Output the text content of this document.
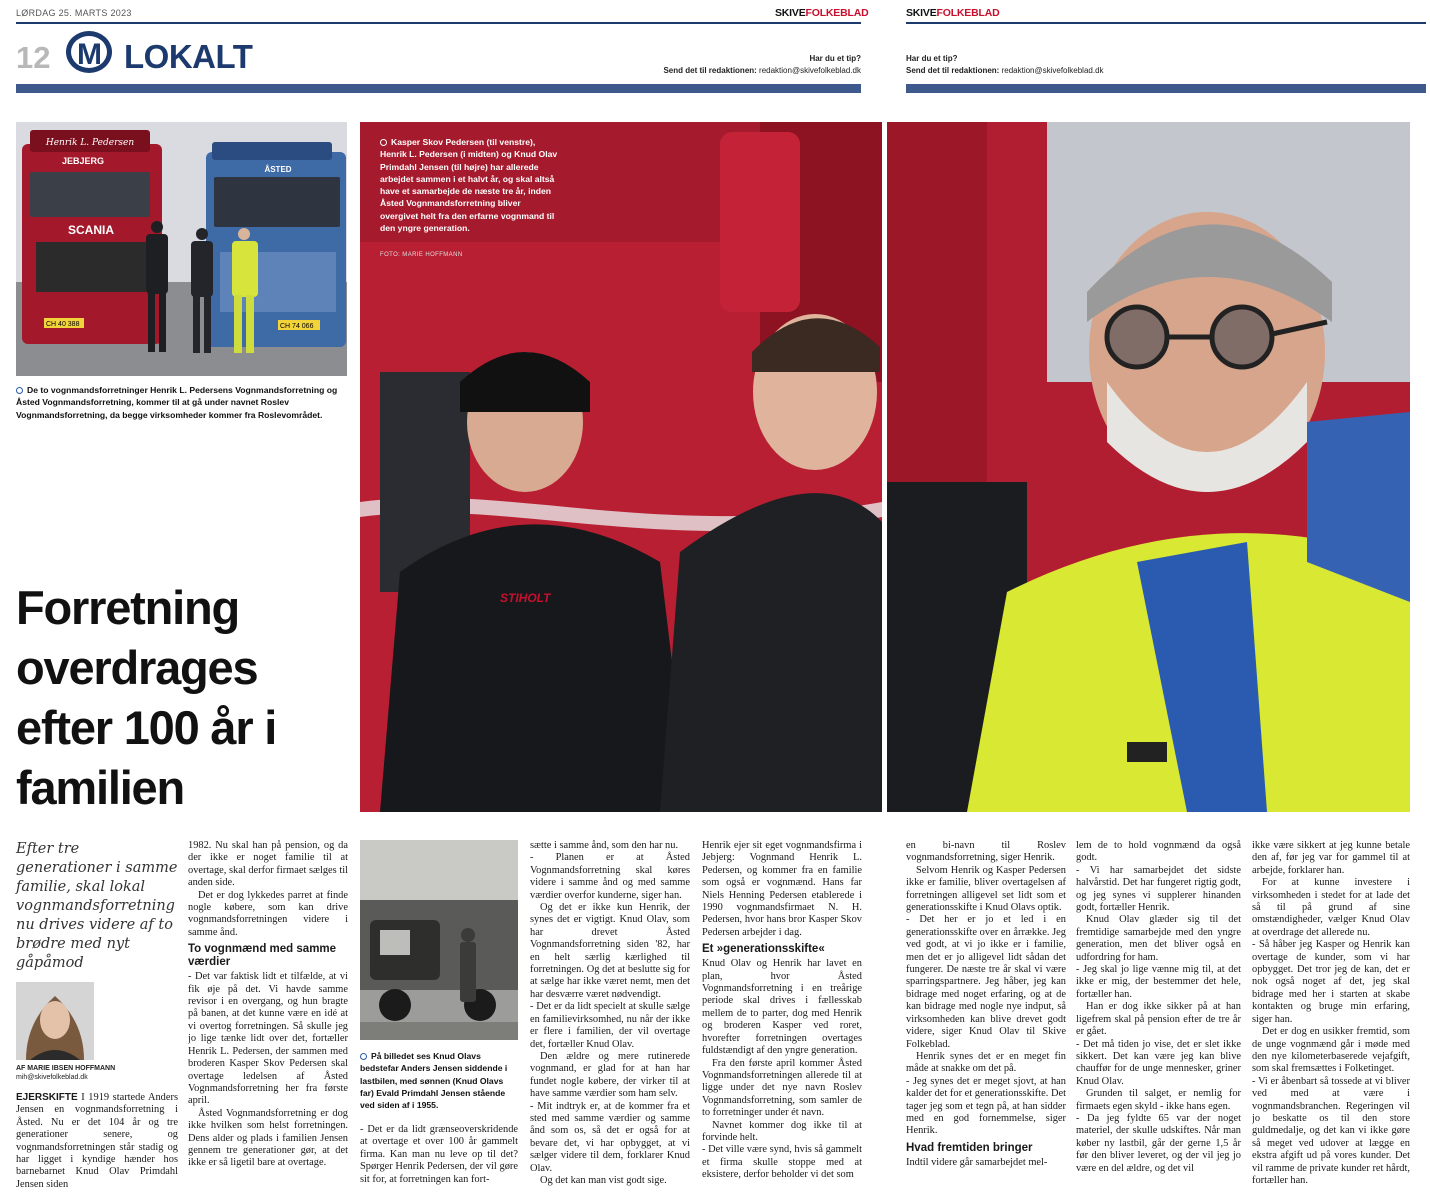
LØRDAG 25. MARTS 2023	SKIVEFOLKEBLAD
12 M LOKALT	Har du et tip?
Send det til redaktionen: redaktion@skivefolkeblad.dk
SKIVEFOLKEBLAD
Har du et tip?
Send det til redaktionen: redaktion@skivefolkeblad.dk
Henrik L. Pedersen
JEBJERG
SCANIA
CH 40 388
ÅSTED
CH 74 066
De to vognmandsforretninger Henrik L. Pedersens Vognmandsforretning og Åsted Vognmandsforretning, kommer til at gå under navnet Roslev Vognmandsforretning, da begge virksomheder kommer fra Roslevområdet.
STIHOLT
Kasper Skov Pedersen (til venstre), Henrik L. Pedersen (i midten) og Knud Olav Primdahl Jensen (til højre) har allerede arbejdet sammen i et halvt år, og skal altså have et samarbejde de næste tre år, inden Åsted Vognmandsforretning bliver overgivet helt fra den erfarne vognmand til den yngre generation.
FOTO: MARIE HOFFMANN
Forretning overdrages efter 100 år i familien
Efter tre generationer i samme familie, skal lokal vognmandsforretning nu drives videre af to brødre med nyt gåpåmod
AF MARIE IBSEN HOFFMANN
mih@skivefolkeblad.dk

EJERSKIFTE I 1919 startede Anders Jensen en vognmandsforretning i Åsted. Nu er det 104 år og tre generationer senere, og vognmandsforretningen står stadig og har ligget i kyndige hænder hos barnebarnet Knud Olav Primdahl Jensen siden

1982. Nu skal han på pension, og da der ikke er noget familie til at overtage, skal derfor firmaet sælges til anden side.

Det er dog lykkedes parret at finde nogle købere, som kan drive vognmandsforretningen videre i samme ånd.

To vognmænd med samme værdier

- Det var faktisk lidt et tilfælde, at vi fik øje på det. Vi havde samme revisor i en overgang, og hun bragte på banen, at det kunne være en idé at vi overtog forretningen. Så skulle jeg jo lige tænke lidt over det, fortæller Henrik L. Pedersen, der sammen med broderen Kasper Skov Pedersen skal overtage ledelsen af Åsted Vognmandsforretning her fra første april.

Åsted Vognmandsforretning er dog ikke hvilken som helst forretningen. Dens alder og plads i familien Jensen gennem tre generationer gør, at det ikke er så ligetil bare at overtage.

På billedet ses Knud Olavs bedstefar Anders Jensen siddende i lastbilen, med sønnen (Knud Olavs far) Evald Primdahl Jensen stående ved siden af i 1955.

- Det er da lidt grænseoverskridende at overtage et over 100 år gammelt firma. Kan man nu leve op til det? Spørger Henrik Pedersen, der vil gøre sit for, at forretningen kan fort-

sætte i samme ånd, som den har nu.

- Planen er at Åsted Vognmandsforretning skal køres videre i samme ånd og med samme værdier overfor kunderne, siger han.

Og det er ikke kun Henrik, der synes det er vigtigt. Knud Olav, som har drevet Åsted Vognmandsforretning siden '82, har en helt særlig kærlighed til forretningen. Og det at beslutte sig for at sælge har ikke været nemt, men det har desværre været nødvendigt.

- Det er da lidt specielt at skulle sælge en familievirksomhed, nu når der ikke er flere i familien, der vil overtage det, fortæller Knud Olav.

Den ældre og mere rutinerede vognmand, er glad for at han har fundet nogle købere, der virker til at have samme værdier som ham selv.

- Mit indtryk er, at de kommer fra et sted med samme værdier og samme ånd som os, så det er også for at bevare det, vi har opbygget, at vi sælger videre til dem, forklarer Knud Olav.

Og det kan man vist godt sige.

Henrik ejer sit eget vognmandsfirma i Jebjerg: Vognmand Henrik L. Pedersen, og kommer fra en familie som også er vognmænd. Hans far Niels Henning Pedersen etablerede i 1990 vognmandsfirmaet N. H. Pedersen, hvor hans bror Kasper Skov Pedersen arbejder i dag.

Et »generationsskifte«

Knud Olav og Henrik har lavet en plan, hvor Åsted Vognmandsforretning i en treårige periode skal drives i fællesskab mellem de to parter, dog med Henrik og broderen Kasper ved roret, hvorefter forretningen overtages fuldstændigt af den yngre generation.

Fra den første april kommer Åsted Vognmandsforretningen allerede til at ligge under det nye navn Roslev Vognmandsforretning, som samler de to forretninger under ét navn.

Navnet kommer dog ikke til at forvinde helt.

- Det ville være synd, hvis så gammelt et firma skulle stoppe med at eksistere, derfor beholder vi det som

en bi-navn til Roslev vognmandsforretning, siger Henrik.

Selvom Henrik og Kasper Pedersen ikke er familie, bliver overtagelsen af forretningen alligevel set lidt som et generationsskifte i Knud Olavs optik.

- Det her er jo et led i en generationsskifte over en årrække. Jeg ved godt, at vi jo ikke er i familie, men det er jo alligevel lidt sådan det fungerer. De næste tre år skal vi være sparringspartnere. Jeg håber, jeg kan bidrage med noget erfaring, og at de kan bidrage med nogle nye indput, så virksomheden kan blive drevet godt videre, siger Knud Olav til Skive Folkeblad.

Henrik synes det er en meget fin måde at snakke om det på.

- Jeg synes det er meget sjovt, at han kalder det for et generationsskifte. Det tager jeg som et tegn på, at han sidder med en god fornemmelse, siger Henrik.

Hvad fremtiden bringer

Indtil videre går samarbejdet mel-

lem de to hold vognmænd da også godt.

- Vi har samarbejdet det sidste halvårstid. Det har fungeret rigtig godt, og jeg synes vi supplerer hinanden godt, fortæller Henrik.

Knud Olav glæder sig til det fremtidige samarbejde med den yngre generation, men det bliver også en udfordring for ham.

- Jeg skal jo lige vænne mig til, at det ikke er mig, der bestemmer det hele, fortæller han.

Han er dog ikke sikker på at han ligefrem skal på pension efter de tre år er gået.

- Det må tiden jo vise, det er slet ikke sikkert. Det kan være jeg kan blive chauffør for de unge mennesker, griner Knud Olav.

Grunden til salget, er nemlig for firmaets egen skyld - ikke hans egen.

- Da jeg fyldte 65 var der noget materiel, der skulle udskiftes. Når man køber ny lastbil, går der gerne 1,5 år før den bliver leveret, og der vil jeg jo være en del ældre, og det vil

ikke være sikkert at jeg kunne betale den af, før jeg var for gammel til at arbejde, forklarer han.

For at kunne investere i virksomheden i stedet for at lade det så til på grund af sine omstændigheder, vælger Knud Olav at overdrage det allerede nu.

- Så håber jeg Kasper og Henrik kan overtage de kunder, som vi har opbygget. Det tror jeg de kan, det er nok også noget af det, jeg skal bidrage med her i starten at skabe kontakten og bruge min erfaring, siger han.

Det er dog en usikker fremtid, som de unge vognmænd går i møde med den nye kilometerbaserede vejafgift, som skal fremsættes i Folketinget.

- Vi er åbenbart så tossede at vi bliver ved med at være i vognmandsbranchen. Regeringen vil jo beskatte os til den store guldmedalje, og det kan vi ikke gøre så meget ved udover at lægge en ekstra afgift ud på vores kunder. Det vil ramme de private kunder ret hårdt, fortæller han.
